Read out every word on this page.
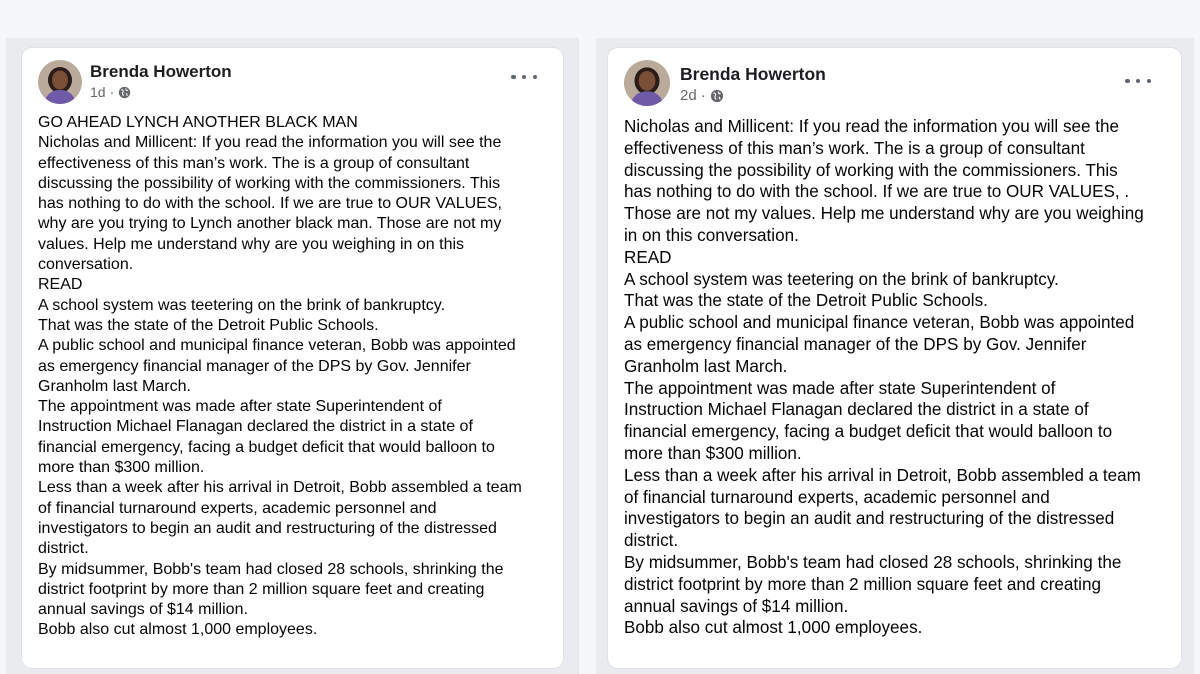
Brenda Howerton
1d ·
GO AHEAD LYNCH ANOTHER BLACK MAN
Nicholas and Millicent: If you read the information you will see the
effectiveness of this man’s work. The is a group of consultant
discussing the possibility of working with the commissioners. This
has nothing to do with the school. If we are true to OUR VALUES,
why are you trying to Lynch another black man. Those are not my
values. Help me understand why are you weighing in on this
conversation.
READ
A school system was teetering on the brink of bankruptcy.
That was the state of the Detroit Public Schools.
A public school and municipal finance veteran, Bobb was appointed
as emergency financial manager of the DPS by Gov. Jennifer
Granholm last March.
The appointment was made after state Superintendent of
Instruction Michael Flanagan declared the district in a state of
financial emergency, facing a budget deficit that would balloon to
more than $300 million.
Less than a week after his arrival in Detroit, Bobb assembled a team
of financial turnaround experts, academic personnel and
investigators to begin an audit and restructuring of the distressed
district.
By midsummer, Bobb's team had closed 28 schools, shrinking the
district footprint by more than 2 million square feet and creating
annual savings of $14 million.
Bobb also cut almost 1,000 employees.
Brenda Howerton
2d ·
Nicholas and Millicent: If you read the information you will see the
effectiveness of this man’s work. The is a group of consultant
discussing the possibility of working with the commissioners. This
has nothing to do with the school. If we are true to OUR VALUES, .
Those are not my values. Help me understand why are you weighing
in on this conversation.
READ
A school system was teetering on the brink of bankruptcy.
That was the state of the Detroit Public Schools.
A public school and municipal finance veteran, Bobb was appointed
as emergency financial manager of the DPS by Gov. Jennifer
Granholm last March.
The appointment was made after state Superintendent of
Instruction Michael Flanagan declared the district in a state of
financial emergency, facing a budget deficit that would balloon to
more than $300 million.
Less than a week after his arrival in Detroit, Bobb assembled a team
of financial turnaround experts, academic personnel and
investigators to begin an audit and restructuring of the distressed
district.
By midsummer, Bobb's team had closed 28 schools, shrinking the
district footprint by more than 2 million square feet and creating
annual savings of $14 million.
Bobb also cut almost 1,000 employees.
